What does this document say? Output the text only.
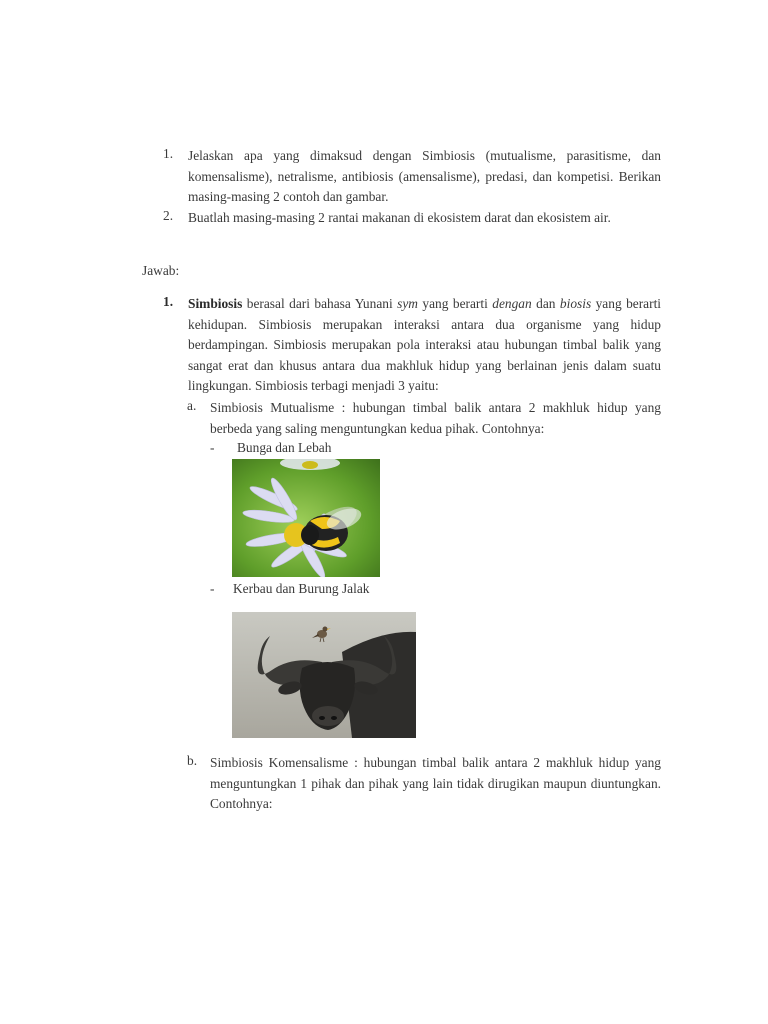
1.	Jelaskan apa yang dimaksud dengan Simbiosis (mutualisme, parasitisme, dan komensalisme), netralisme, antibiosis (amensalisme), predasi, dan kompetisi. Berikan masing-masing 2 contoh dan gambar.
2.	Buatlah masing-masing 2 rantai makanan di ekosistem darat dan ekosistem air.
Jawab:
1. Simbiosis berasal dari bahasa Yunani sym yang berarti dengan dan biosis yang berarti kehidupan. Simbiosis merupakan interaksi antara dua organisme yang hidup berdampingan. Simbiosis merupakan pola interaksi atau hubungan timbal balik yang sangat erat dan khusus antara dua makhluk hidup yang berlainan jenis dalam suatu lingkungan. Simbiosis terbagi menjadi 3 yaitu:
a. Simbiosis Mutualisme : hubungan timbal balik antara 2 makhluk hidup yang berbeda yang saling menguntungkan kedua pihak. Contohnya:
- Bunga dan Lebah
- Kerbau dan Burung Jalak
b. Simbiosis Komensalisme : hubungan timbal balik antara 2 makhluk hidup yang menguntungkan 1 pihak dan pihak yang lain tidak dirugikan maupun diuntungkan. Contohnya:
